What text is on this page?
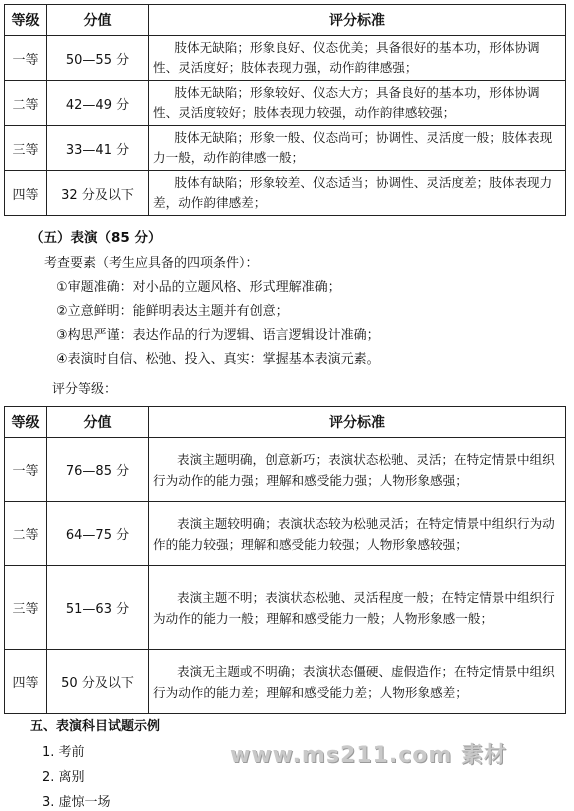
等级	分值	评分标准
一等	50—55 分	肢体无缺陷；形象良好、仪态优美；具备很好的基本功，形体协调性、灵活度好；肢体表现力强，动作韵律感强；
二等	42—49 分	肢体无缺陷；形象较好、仪态大方；具备良好的基本功，形体协调性、灵活度较好；肢体表现力较强，动作韵律感较强；
三等	33—41 分	肢体无缺陷；形象一般、仪态尚可；协调性、灵活度一般；肢体表现力一般，动作韵律感一般；
四等	32 分及以下	肢体有缺陷；形象较差、仪态适当；协调性、灵活度差；肢体表现力差，动作韵律感差；
（五）表演（85 分）
考查要素（考生应具备的四项条件）：
①审题准确：对小品的立题风格、形式理解准确；
②立意鲜明：能鲜明表达主题并有创意；
③构思严谨：表达作品的行为逻辑、语言逻辑设计准确；
④表演时自信、松弛、投入、真实：掌握基本表演元素。
评分等级：
等级	分值	评分标准
一等	76—85 分	表演主题明确，创意新巧；表演状态松驰、灵活；在特定情景中组织行为动作的能力强；理解和感受能力强；人物形象感强；
二等	64—75 分	表演主题较明确；表演状态较为松驰灵活；在特定情景中组织行为动作的能力较强；理解和感受能力较强；人物形象感较强；
三等	51—63 分	表演主题不明；表演状态松驰、灵活程度一般；在特定情景中组织行为动作的能力一般；理解和感受能力一般；人物形象感一般；
四等	50 分及以下	表演无主题或不明确；表演状态僵硬、虚假造作；在特定情景中组织行为动作的能力差；理解和感受能力差；人物形象感差；
五、表演科目试题示例
1. 考前
2. 离别
3. 虚惊一场
www.ms211.com 素材
